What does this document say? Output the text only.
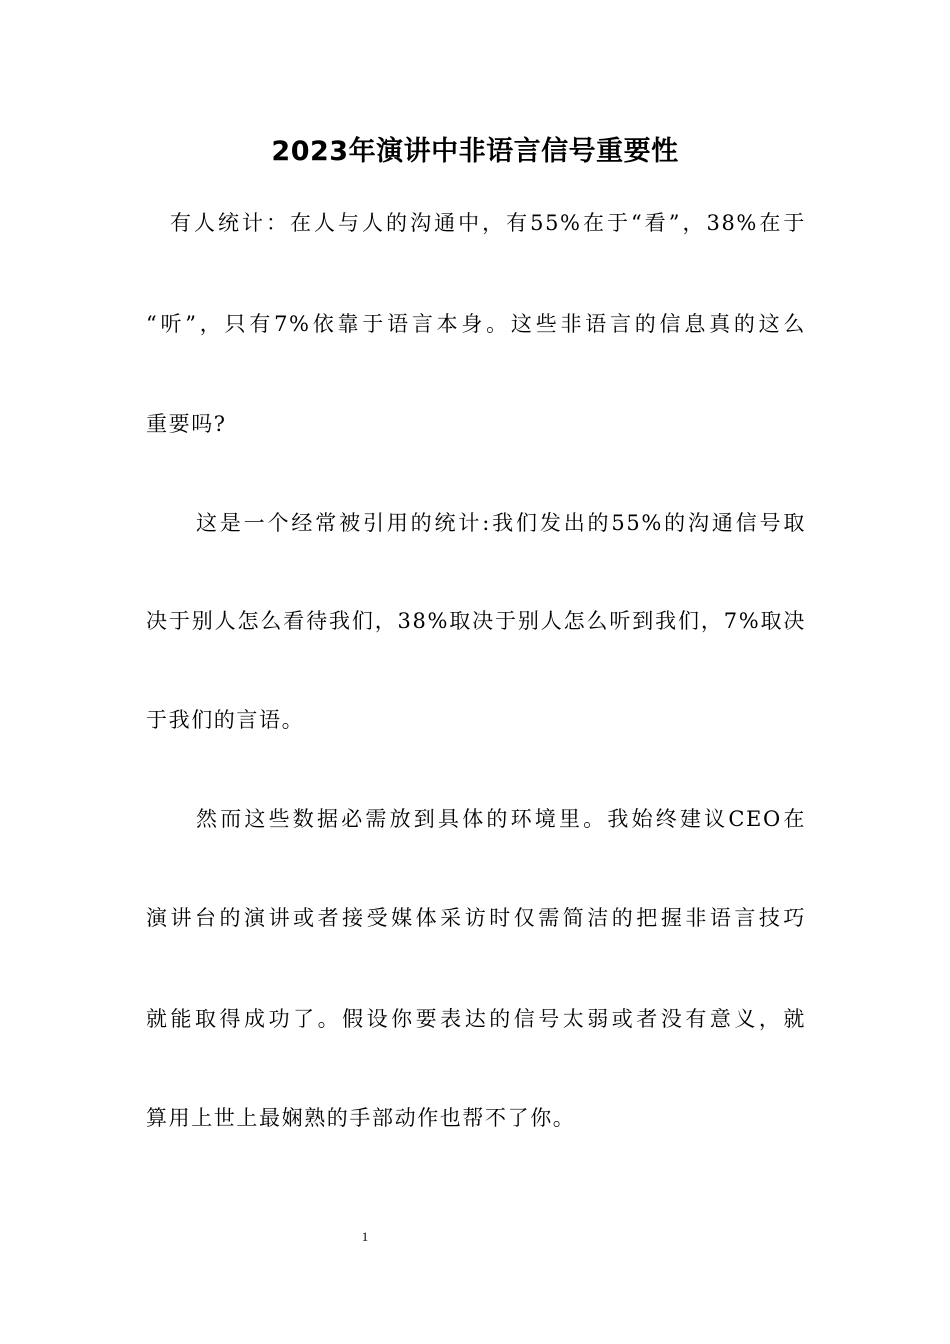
2023年演讲中非语言信号重要性
有人统计：在人与人的沟通中，有55%在于“看”，38%在于
“听”，只有7%依靠于语言本身。这些非语言的信息真的这么
重要吗?
这是一个经常被引用的统计:我们发出的55%的沟通信号取
决于别人怎么看待我们，38%取决于别人怎么听到我们，7%取决
于我们的言语。
然而这些数据必需放到具体的环境里。我始终建议CEO在
演讲台的演讲或者接受媒体采访时仅需简洁的把握非语言技巧
就能取得成功了。假设你要表达的信号太弱或者没有意义，就
算用上世上最娴熟的手部动作也帮不了你。
1
